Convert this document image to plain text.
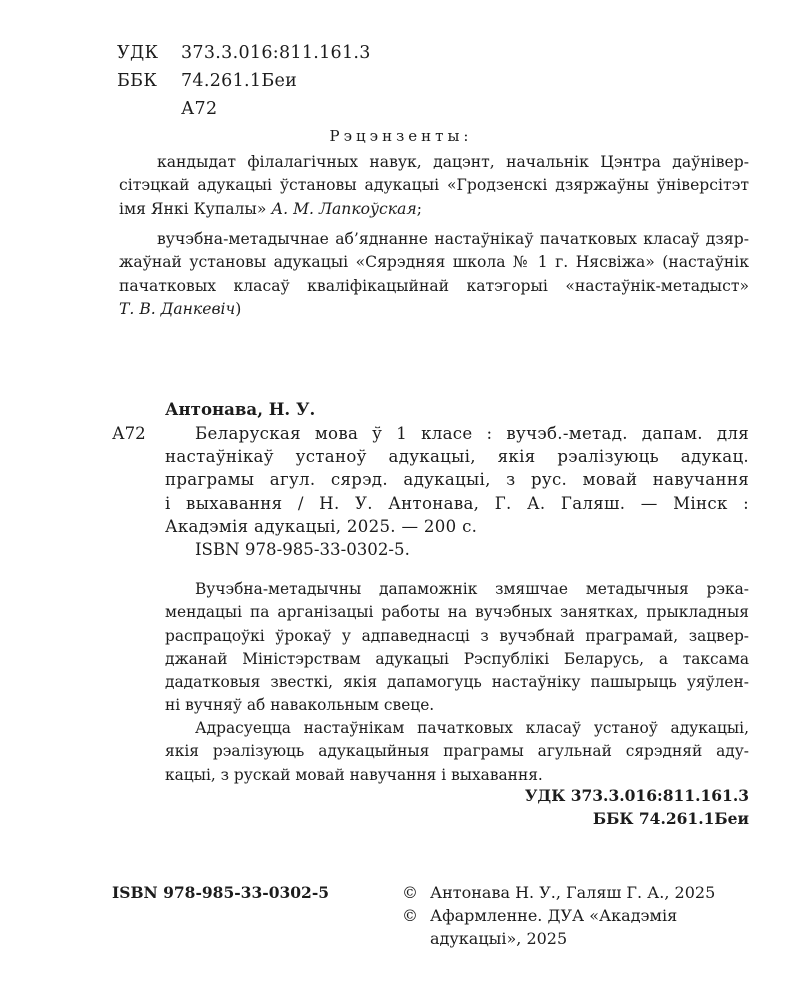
УДК 373.3.016:811.161.3
ББК 74.261.1Беи
А72
Рэцэнзенты:
кандыдат філалагічных навук, дацэнт, начальнік Цэнтра даўнівер-
сітэцкай адукацыі ўстановы адукацыі «Гродзенскі дзяржаўны ўніверсітэт
імя Янкі Купалы» А. М. Лапкоўская;
вучэбна-метадычнае аб’яднанне настаўнікаў пачатковых класаў дзяр-
жаўнай установы адукацыі «Сярэдняя школа № 1 г. Нясвіжа» (настаўнік
пачатковых класаў кваліфікацыйнай катэгорыі «настаўнік-метадыст»
Т. В. Данкевіч)
Антонава, Н. У.
А72	Беларуская мова ў 1 класе : вучэб.-метад. дапам. для
настаўнікаў устаноў адукацыі, якія рэалізуюць адукац.
праграмы агул. сярэд. адукацыі, з рус. мовай навучання
і выхавання / Н. У. Антонава, Г. А. Галяш. — Мінск :
Акадэмія адукацыі, 2025. — 200 с.
ISBN 978-985-33-0302-5.
Вучэбна-метадычны дапаможнік змяшчае метадычныя рэка-
мендацыі па арганізацыі работы на вучэбных занятках, прыкладныя
распрацоўкі ўрокаў у адпаведнасці з вучэбнай праграмай, зацвер-
джанай Міністэрствам адукацыі Рэспублікі Беларусь, а таксама
дадатковыя звесткі, якія дапамогуць настаўніку пашырыць уяўлен-
ні вучняў аб навакольным свеце.
Адрасуецца настаўнікам пачатковых класаў устаноў адукацыі,
якія рэалізуюць адукацыйныя праграмы агульнай сярэдняй аду-
кацыі, з рускай мовай навучання і выхавання.
УДК 373.3.016:811.161.3
ББК 74.261.1Беи
ISBN 978-985-33-0302-5	© Антонава Н. У., Галяш Г. А., 2025
© Афармленне. ДУА «Акадэмія
адукацыі», 2025
